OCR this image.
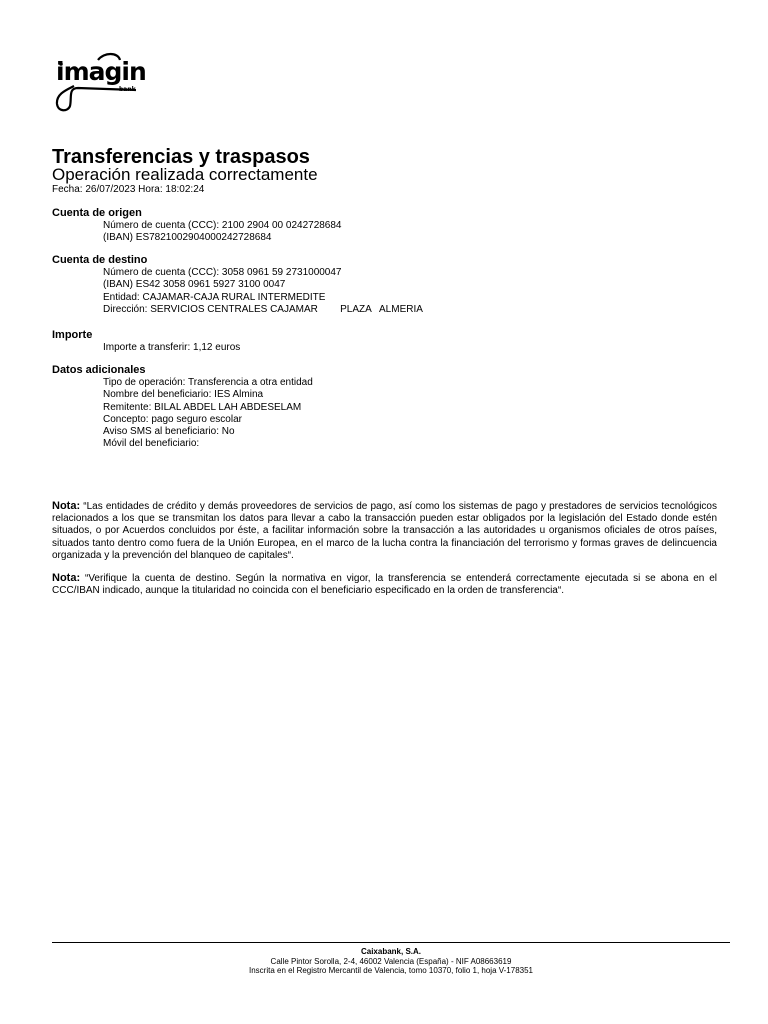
imagin
bank
Transferencias y traspasos
Operación realizada correctamente
Fecha: 26/07/2023 Hora: 18:02:24

Cuenta de origen

Número de cuenta (CCC): 2100 2904 00 0242728684
(IBAN) ES7821002904000242728684

Cuenta de destino

Número de cuenta (CCC): 3058 0961 59 2731000047
(IBAN) ES42 3058 0961 5927 3100 0047
Entidad: CAJAMAR-CAJA RURAL INTERMEDITE
Dirección: SERVICIOS CENTRALES CAJAMAR        PLAZA   ALMERIA

Importe

Importe a transferir: 1,12 euros

Datos adicionales

Tipo de operación: Transferencia a otra entidad
Nombre del beneficiario: IES Almina
Remitente: BILAL ABDEL LAH ABDESELAM
Concepto: pago seguro escolar
Aviso SMS al beneficiario: No
Móvil del beneficiario:

Nota: “Las entidades de crédito y demás proveedores de servicios de pago, así como los sistemas de pago y prestadores de servicios tecnológicos relacionados a los que se transmitan los datos para llevar a cabo la transacción pueden estar obligados por la legislación del Estado donde estén situados, o por Acuerdos concluidos por éste, a facilitar información sobre la transacción a las autoridades u organismos oficiales de otros países, situados tanto dentro como fuera de la Unión Europea, en el marco de la lucha contra la financiación del terrorismo y formas graves de delincuencia organizada y la prevención del blanqueo de capitales“.

Nota: “Verifique la cuenta de destino. Según la normativa en vigor, la transferencia se entenderá correctamente ejecutada si se abona en el CCC/IBAN indicado, aunque la titularidad no coincida con el beneficiario especificado en la orden de transferencia“.

Caixabank, S.A.
Calle Pintor Sorolla, 2-4, 46002 Valencia (España) - NIF A08663619
Inscrita en el Registro Mercantil de Valencia, tomo 10370, folio 1, hoja V-178351
